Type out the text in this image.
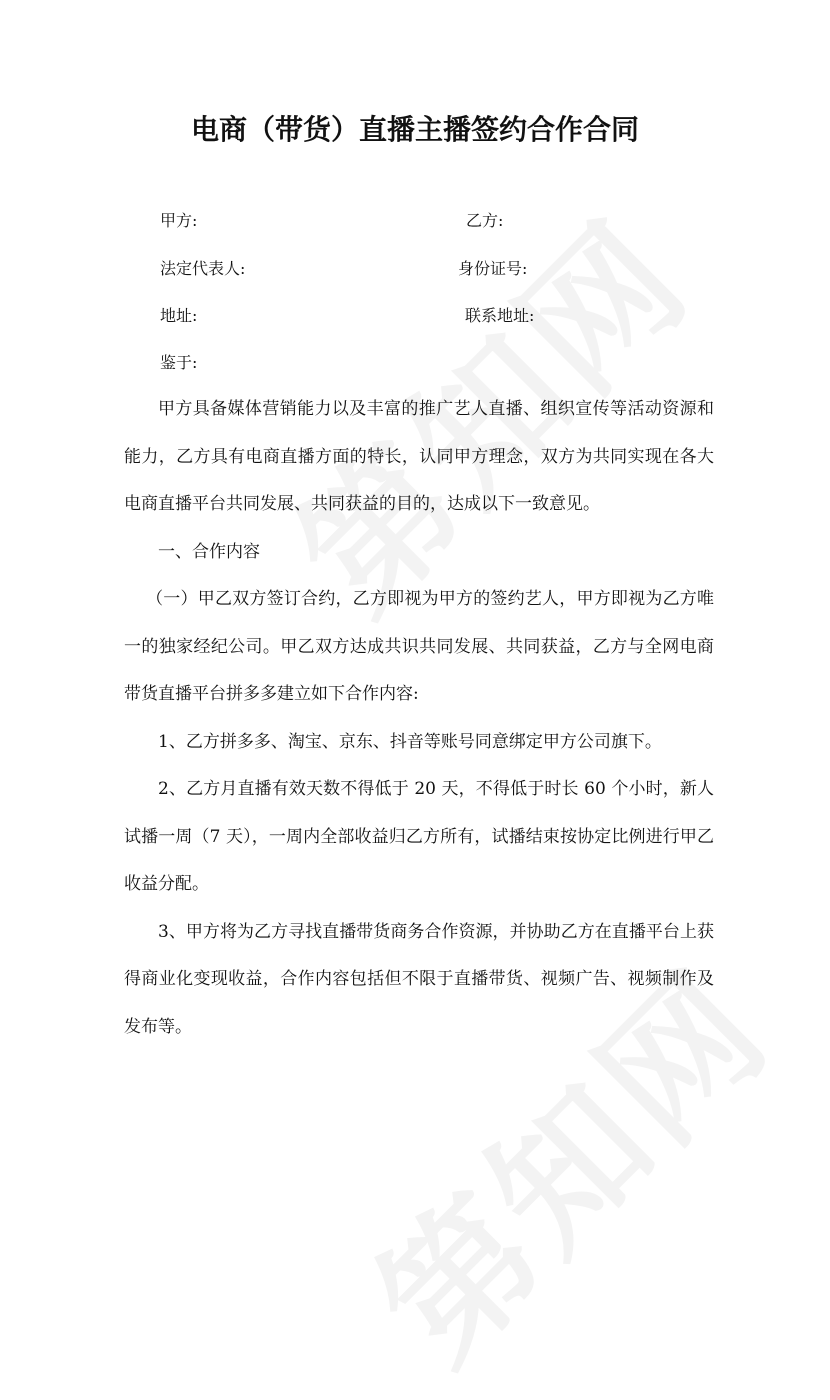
电商（带货）直播主播签约合作合同
甲方:	乙方:
法定代表人:	身份证号:
地址:	联系地址:
鉴于:

甲方具备媒体营销能力以及丰富的推广艺人直播、组织宣传等活动资源和能力，乙方具有电商直播方面的特长，认同甲方理念，双方为共同实现在各大电商直播平台共同发展、共同获益的目的，达成以下一致意见。

一、合作内容

（一）甲乙双方签订合约，乙方即视为甲方的签约艺人，甲方即视为乙方唯一的独家经纪公司。甲乙双方达成共识共同发展、共同获益，乙方与全网电商带货直播平台拼多多建立如下合作内容:

1、乙方拼多多、淘宝、京东、抖音等账号同意绑定甲方公司旗下。

2、乙方月直播有效天数不得低于 20 天，不得低于时长 60 个小时，新人试播一周（7 天），一周内全部收益归乙方所有，试播结束按协定比例进行甲乙收益分配。

3、甲方将为乙方寻找直播带货商务合作资源，并协助乙方在直播平台上获得商业化变现收益，合作内容包括但不限于直播带货、视频广告、视频制作及发布等。
